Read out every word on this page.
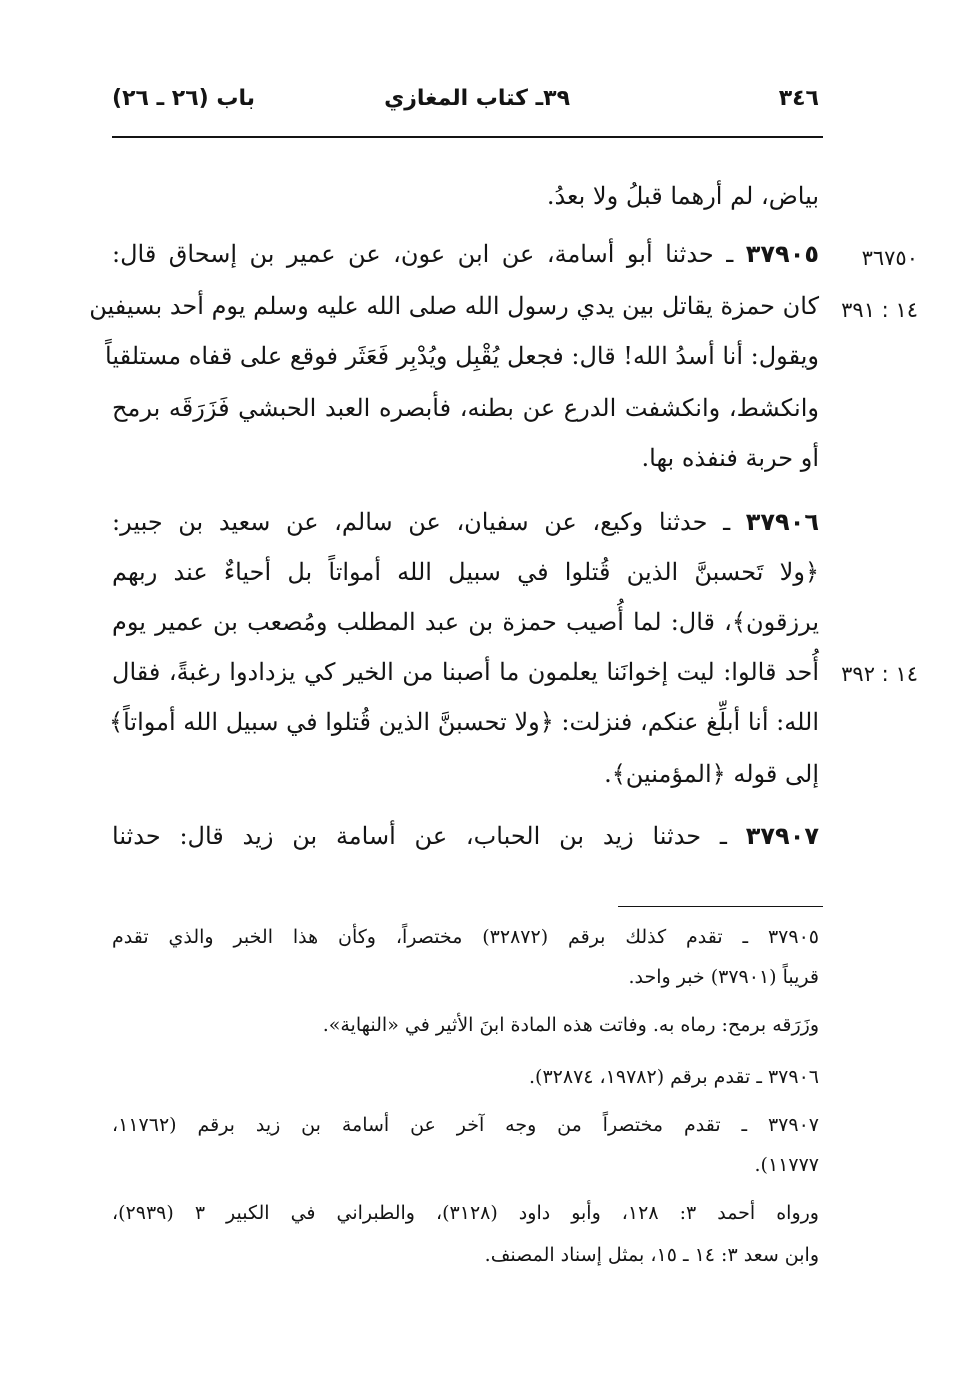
٣٤٦
٣٩ـ كتاب المغازي
باب (٢٦ ـ ٢٦)
٣٦٧٥٠
١٤ : ٣٩١
١٤ : ٣٩٢
بياض، لم أرهما قبلُ ولا بعدُ.
٣٧٩٠٥ ـ حدثنا أبو أسامة، عن ابن عون، عن عمير بن إسحاق قال:
كان حمزة يقاتل بين يدي رسول الله صلى الله عليه وسلم يوم أحد بسيفين
ويقول: أنا أسدُ الله! قال: فجعل يُقْبِل ويُدْبِر فَعَثَر فوقع على قفاه مستلقياً
وانكشط، وانكشفت الدرع عن بطنه، فأبصره العبد الحبشي فَزَرَقَه برمح
أو حربة فنفذه بها.
٣٧٩٠٦ ـ حدثنا وكيع، عن سفيان، عن سالم، عن سعيد بن جبير:
﴿ولا تَحسبنَّ الذين قُتلوا في سبيل الله أمواتاً بل أحياءٌ عند ربهم
يرزقون﴾، قال: لما أُصيب حمزة بن عبد المطلب ومُصعب بن عمير يوم
أُحد قالوا: ليت إخوانَنا يعلمون ما أصبنا من الخير كي يزدادوا رغبةً، فقال
الله: أنا أبلِّغ عنكم، فنزلت: ﴿ولا تحسبنَّ الذين قُتلوا في سبيل الله أمواتاً﴾
إلى قوله ﴿المؤمنين﴾.
٣٧٩٠٧ ـ حدثنا زيد بن الحباب، عن أسامة بن زيد قال: حدثنا
٣٧٩٠٥ ـ تقدم كذلك برقم (٣٢٨٧٢) مختصراً، وكأن هذا الخبر والذي تقدم
قريباً (٣٧٩٠١) خبر واحد.
وزَرَقه برمح: رماه به. وفاتت هذه المادة ابنَ الأثير في «النهاية».
٣٧٩٠٦ ـ تقدم برقم (١٩٧٨٢، ٣٢٨٧٤).
٣٧٩٠٧ ـ تقدم مختصراً من وجه آخر عن أسامة بن زيد برقم (١١٧٦٢،
١١٧٧٧).
ورواه أحمد ٣: ١٢٨، وأبو داود (٣١٢٨)، والطبراني في الكبير ٣ (٢٩٣٩)،
وابن سعد ٣: ١٤ ـ ١٥، بمثل إسناد المصنف.
